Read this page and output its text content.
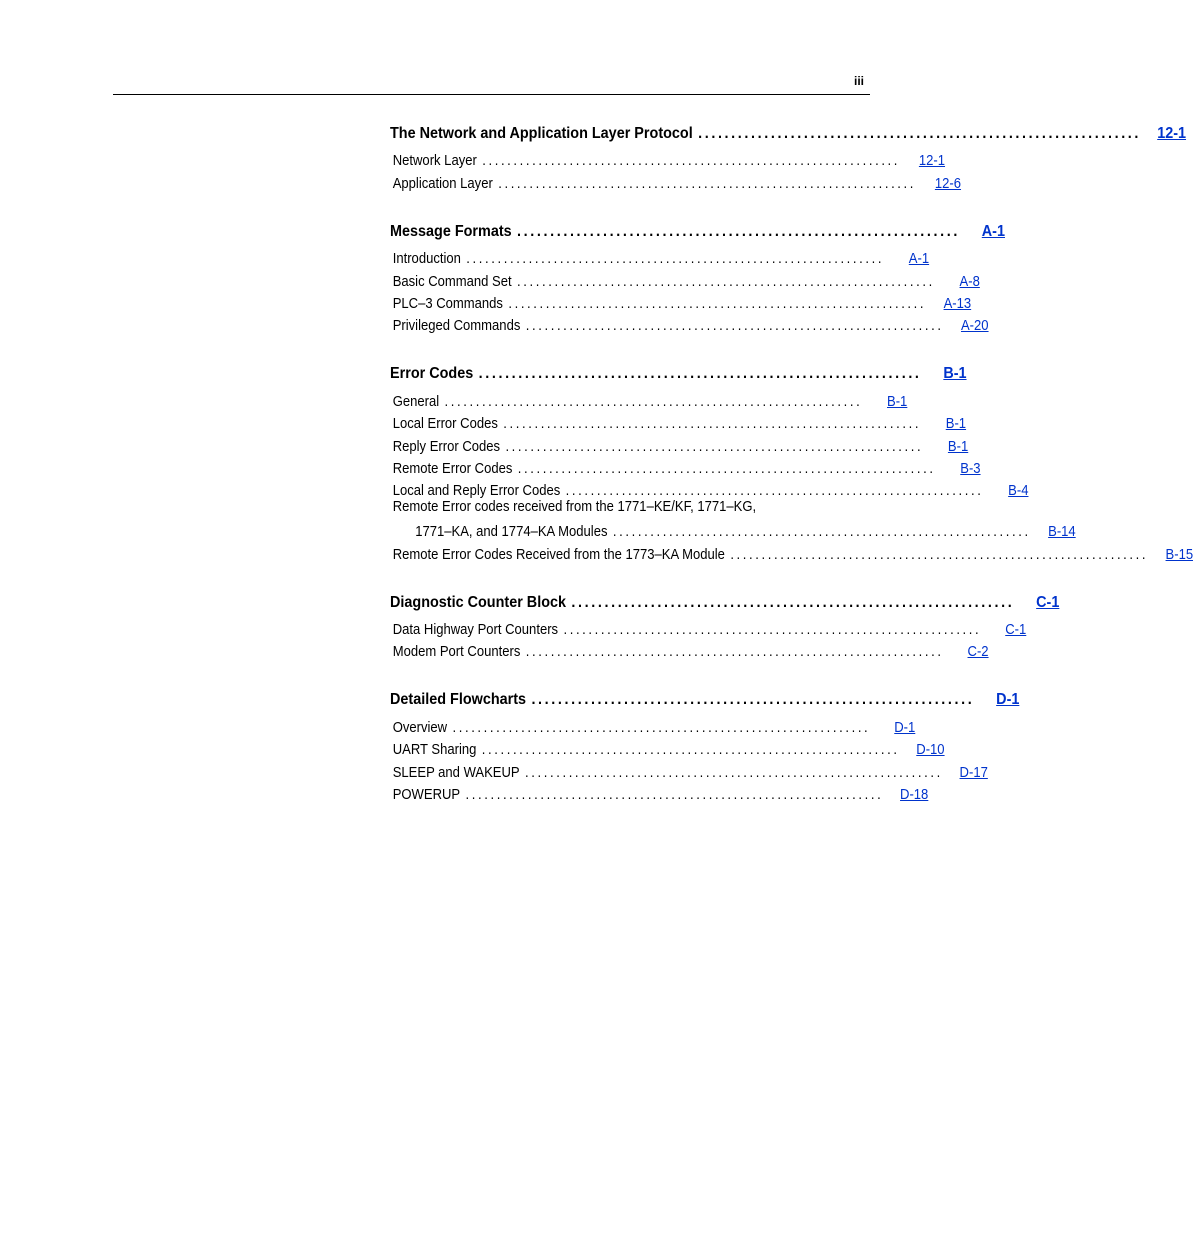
iii
The Network and Application Layer Protocol ...................................................................	12-1
Network Layer ...................................................................	12-1
Application Layer ...................................................................	12-6
Message Formats ...................................................................	A-1
Introduction ...................................................................	A-1
Basic Command Set ...................................................................	A-8
PLC–3 Commands ...................................................................	A-13
Privileged Commands ...................................................................	A-20
Error Codes ...................................................................	B-1
General ...................................................................	B-1
Local Error Codes ...................................................................	B-1
Reply Error Codes ...................................................................	B-1
Remote Error Codes ...................................................................	B-3
Local and Reply Error Codes ...................................................................	B-4
Remote Error codes received from the 1771–KE/KF, 1771–KG,
1771–KA, and 1774–KA Modules ...................................................................	B-14
Remote Error Codes Received from the 1773–KA Module ...................................................................	B-15
Diagnostic Counter Block ...................................................................	C-1
Data Highway Port Counters ...................................................................	C-1
Modem Port Counters ...................................................................	C-2
Detailed Flowcharts ...................................................................	D-1
Overview ...................................................................	D-1
UART Sharing ...................................................................	D-10
SLEEP and WAKEUP ...................................................................	D-17
POWERUP ...................................................................	D-18
